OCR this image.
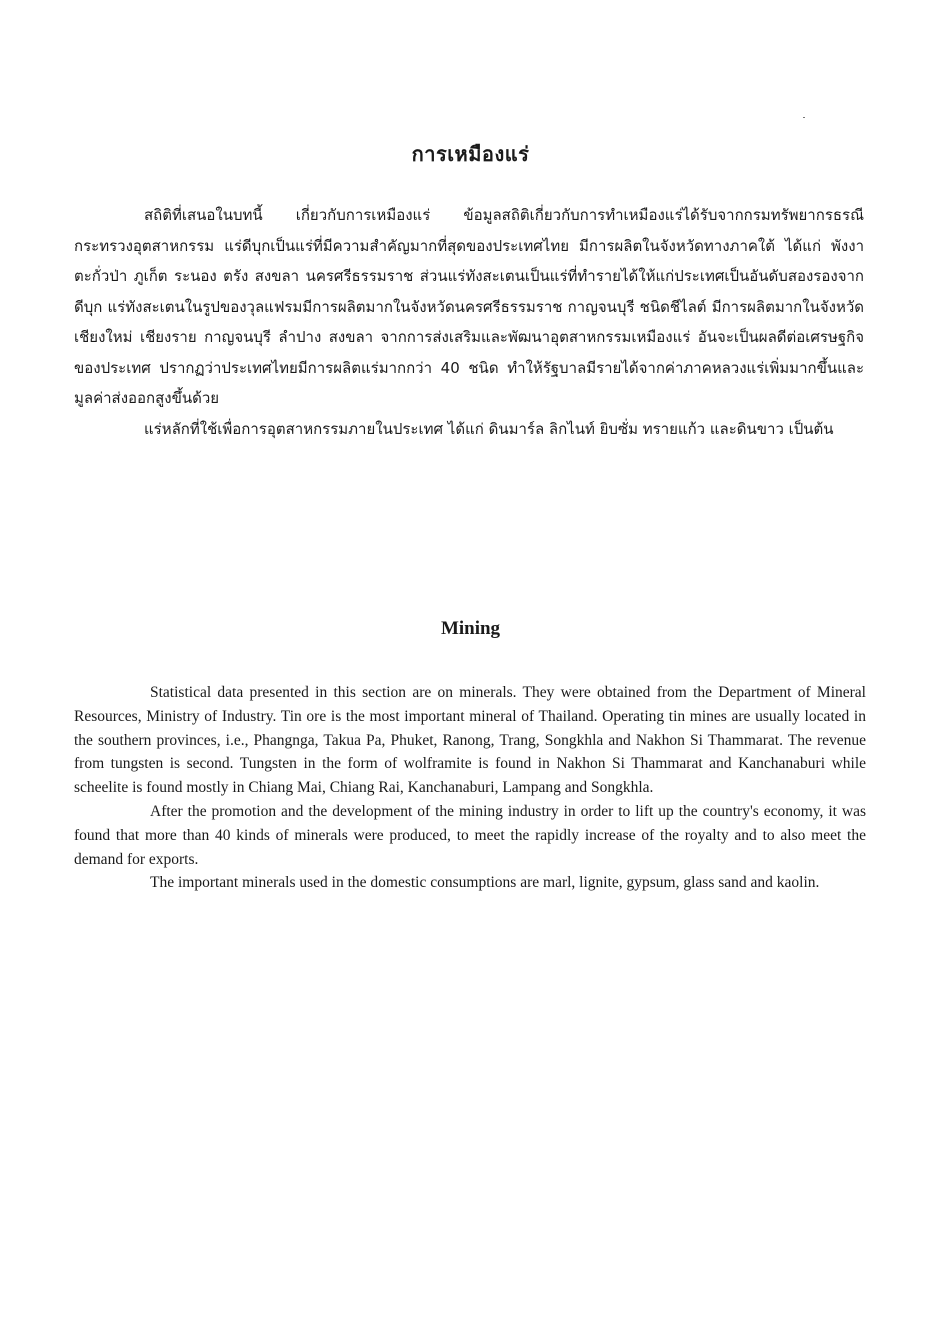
การเหมืองแร่

สถิติที่เสนอในบทนี้ เกี่ยวกับการเหมืองแร่ ข้อมูลสถิติเกี่ยวกับการทำเหมืองแร่ได้รับจากกรมทรัพยากรธรณี กระทรวงอุตสาหกรรม แร่ดีบุกเป็นแร่ที่มีความสำคัญมากที่สุดของประเทศไทย มีการผลิตในจังหวัดทางภาคใต้ ได้แก่ พังงา ตะกั่วป่า ภูเก็ต ระนอง ตรัง สงขลา นครศรีธรรมราช ส่วนแร่ทังสะเตนเป็นแร่ที่ทำรายได้ให้แก่ประเทศเป็นอันดับสองรองจากดีบุก แร่ทังสะเตนในรูปของวุลแฟรมมีการผลิตมากในจังหวัดนครศรีธรรมราช กาญจนบุรี ชนิดชีไลต์ มีการผลิตมากในจังหวัด เชียงใหม่ เชียงราย กาญจนบุรี ลำปาง สงขลา จากการส่งเสริมและพัฒนาอุตสาหกรรมเหมืองแร่ อันจะเป็นผลดีต่อเศรษฐกิจของประเทศ ปรากฏว่าประเทศไทยมีการผลิตแร่มากกว่า 40 ชนิด ทำให้รัฐบาลมีรายได้จากค่าภาคหลวงแร่เพิ่มมากขึ้นและมูลค่าส่งออกสูงขึ้นด้วย

แร่หลักที่ใช้เพื่อการอุตสาหกรรมภายในประเทศ ได้แก่ ดินมาร์ล ลิกไนท์ ยิบซั่ม ทรายแก้ว และดินขาว เป็นต้น

Mining

Statistical data presented in this section are on minerals. They were obtained from the Department of Mineral Resources, Ministry of Industry. Tin ore is the most important mineral of Thailand. Operating tin mines are usually located in the southern provinces, i.e., Phangnga, Takua Pa, Phuket, Ranong, Trang, Songkhla and Nakhon Si Thammarat. The revenue from tungsten is second. Tungsten in the form of wolframite is found in Nakhon Si Thammarat and Kanchanaburi while scheelite is found mostly in Chiang Mai, Chiang Rai, Kanchanaburi, Lampang and Songkhla.

After the promotion and the development of the mining industry in order to lift up the country's economy, it was found that more than 40 kinds of minerals were produced, to meet the rapidly increase of the royalty and to also meet the demand for exports.

The important minerals used in the domestic consumptions are marl, lignite, gypsum, glass sand and kaolin.
